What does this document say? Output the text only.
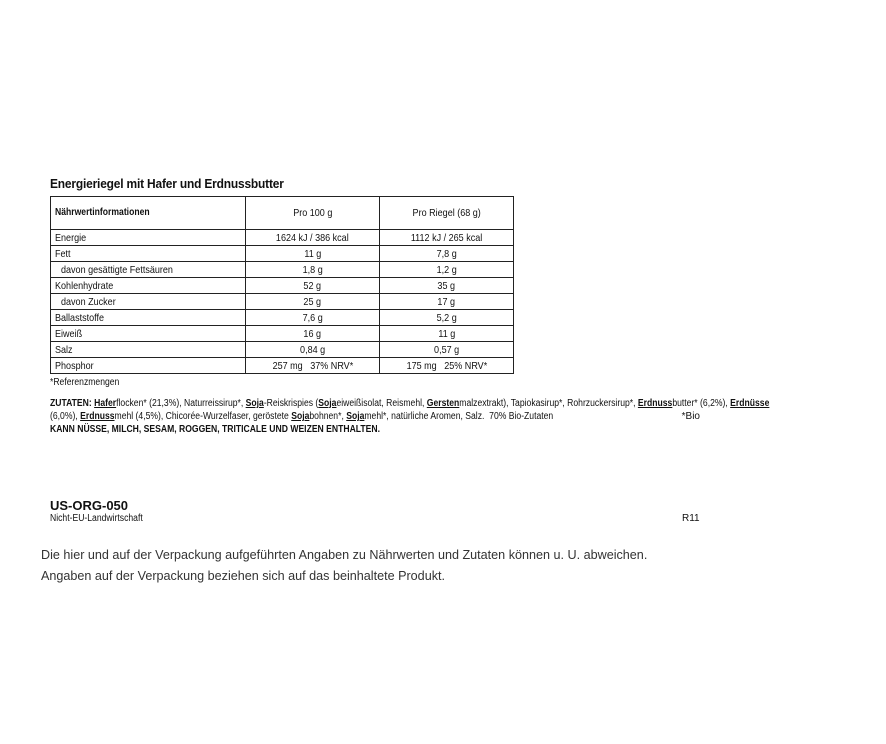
Energieriegel mit Hafer und Erdnussbutter
Nährwertinformationen	Pro 100 g	Pro Riegel (68 g)
Energie	1624 kJ / 386 kcal	1112 kJ / 265 kcal
Fett	11 g	7,8 g
davon gesättigte Fettsäuren	1,8 g	1,2 g
Kohlenhydrate	52 g	35 g
davon Zucker	25 g	17 g
Ballaststoffe	7,6 g	5,2 g
Eiweiß	16 g	11 g
Salz	0,84 g	0,57 g
Phosphor	257 mg   37% NRV*	175 mg   25% NRV*
*Referenzmengen
ZUTATEN: Haferflocken* (21,3%), Naturreissirup*, Soja-Reiskrispies (Sojaeiweißisolat, Reismehl, Gerstenmalzextrakt), Tapiokasirup*, Rohrzuckersirup*, Erdnussbutter* (6,2%), Erdnüsse
(6,0%), Erdnussmehl (4,5%), Chicorée-Wurzelfaser, geröstete Sojabohnen*, Sojamehl*, natürliche Aromen, Salz.  70% Bio-Zutaten	*Bio
KANN NÜSSE, MILCH, SESAM, ROGGEN, TRITICALE UND WEIZEN ENTHALTEN.
US-ORG-050
Nicht-EU-Landwirtschaft	R11
Die hier und auf der Verpackung aufgeführten Angaben zu Nährwerten und Zutaten können u. U. abweichen.
Angaben auf der Verpackung beziehen sich auf das beinhaltete Produkt.
